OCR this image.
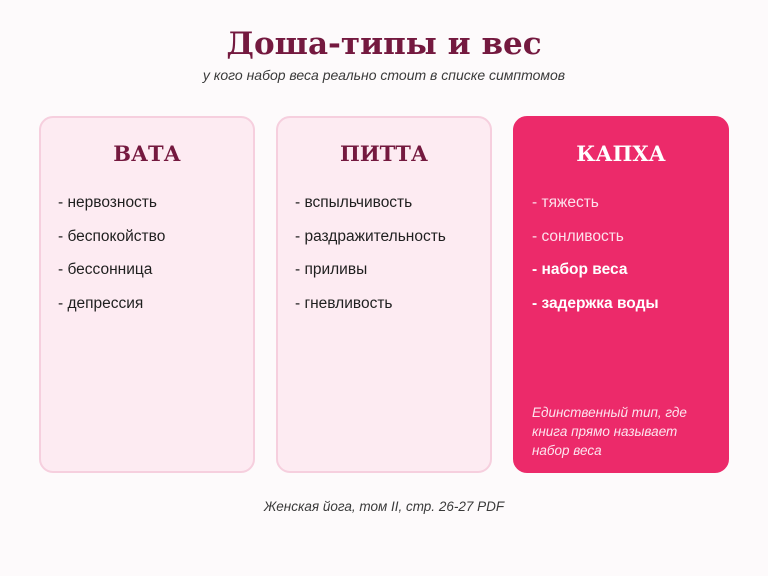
Доша-типы и вес
у кого набор веса реально стоит в списке симптомов
ВАТА
- нервозность
- беспокойство
- бессонница
- депрессия
ПИТТА
- вспыльчивость
- раздражительность
- приливы
- гневливость
КАПХА
- тяжесть
- сонливость
- набор веса
- задержка воды
Единственный тип, где книга прямо называет набор веса
Женская йога, том II, стр. 26-27 PDF
